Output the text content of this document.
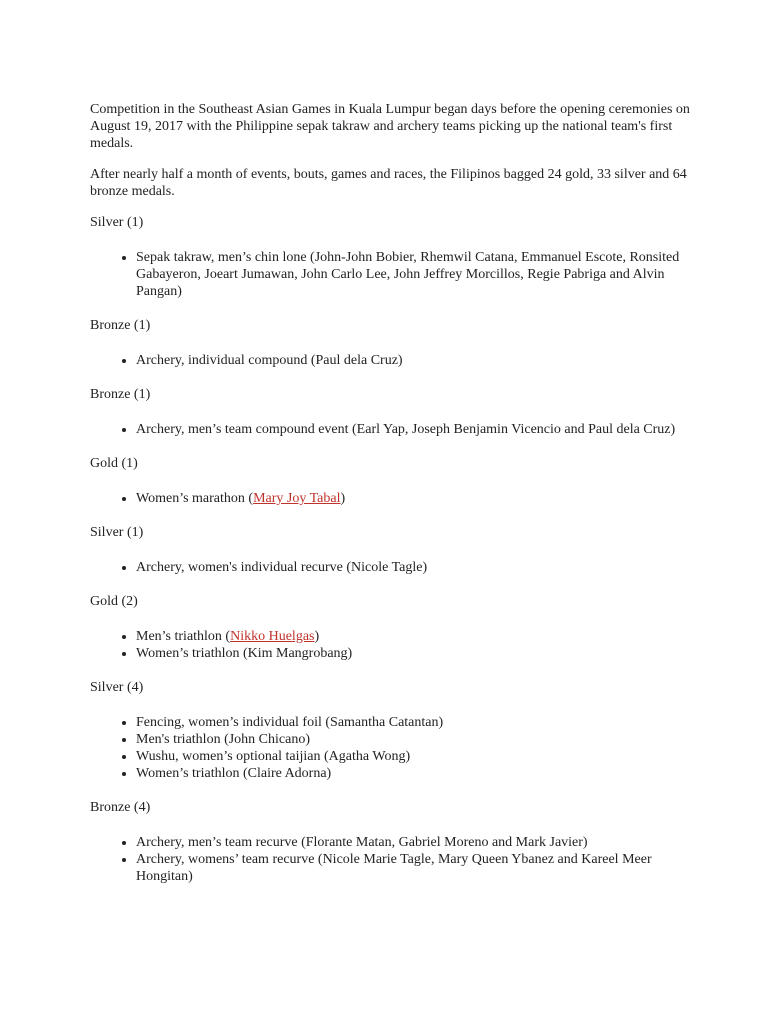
Competition in the Southeast Asian Games in Kuala Lumpur began days before the opening ceremonies on August 19, 2017 with the Philippine sepak takraw and archery teams picking up the national team's first medals.

After nearly half a month of events, bouts, games and races, the Filipinos bagged 24 gold, 33 silver and 64 bronze medals.

Silver (1)

• Sepak takraw, men’s chin lone (John-John Bobier, Rhemwil Catana, Emmanuel Escote, Ronsited Gabayeron, Joeart Jumawan, John Carlo Lee, John Jeffrey Morcillos, Regie Pabriga and Alvin Pangan)

Bronze (1)

• Archery, individual compound (Paul dela Cruz)

Bronze (1)

• Archery, men’s team compound event (Earl Yap, Joseph Benjamin Vicencio and Paul dela Cruz)

Gold (1)

• Women’s marathon (Mary Joy Tabal)

Silver (1)

• Archery, women's individual recurve (Nicole Tagle)

Gold (2)

• Men’s triathlon (Nikko Huelgas)
• Women’s triathlon (Kim Mangrobang)

Silver (4)

• Fencing, women’s individual foil (Samantha Catantan)
• Men's triathlon (John Chicano)
• Wushu, women’s optional taijian (Agatha Wong)
• Women’s triathlon (Claire Adorna)

Bronze (4)

• Archery, men’s team recurve (Florante Matan, Gabriel Moreno and Mark Javier)
• Archery, womens’ team recurve (Nicole Marie Tagle, Mary Queen Ybanez and Kareel Meer Hongitan)
